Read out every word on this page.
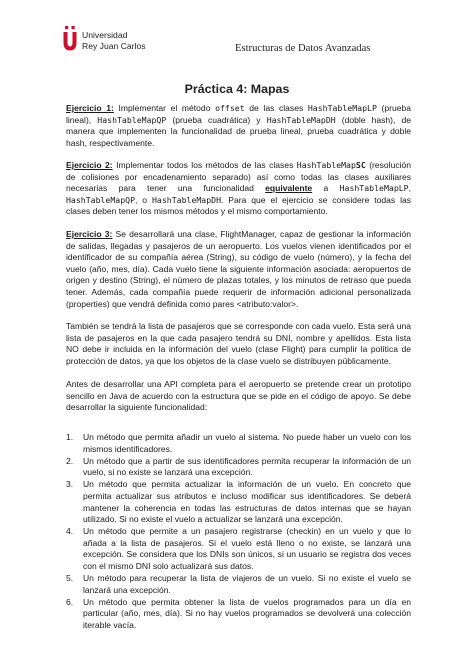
Universidad
Rey Juan Carlos	Estructuras de Datos Avanzadas
Práctica 4: Mapas
Ejercicio 1: Implementar el método offset de las clases HashTableMapLP (prueba lineal), HashTableMapQP (prueba cuadrática) y HashTableMapDH (doble hash), de manera que implementen la funcionalidad de prueba lineal, prueba cuadrática y doble hash, respectivamente.
Ejercicio 2: Implementar todos los métodos de las clases HashTableMapSC (resolución de colisiones por encadenamiento separado) así como todas las clases auxiliares necesarias para tener una funcionalidad equivalente a HashTableMapLP, HashTableMapQP, o HashTableMapDH. Para que el ejercicio se considere todas las clases deben tener los mismos métodos y el mismo comportamiento.
Ejercicio 3: Se desarrollará una clase, FlightManager, capaz de gestionar la información de salidas, llegadas y pasajeros de un aeropuerto. Los vuelos vienen identificados por el identificador de su compañía aérea (String), su código de vuelo (número), y la fecha del vuelo (año, mes, día). Cada vuelo tiene la siguiente información asociada: aeropuertos de origen y destino (String), el número de plazas totales, y los minutos de retraso que pueda tener. Además, cada compañía puede requerir de información adicional personalizada (properties) que vendrá definida como pares <atributo:valor>.
También se tendrá la lista de pasajeros que se corresponde con cada vuelo. Esta será una lista de pasajeros en la que cada pasajero tendrá su DNI, nombre y apellidos. Esta lista NO debe ir incluida en la información del vuelo (clase Flight) para cumplir la política de protección de datos, ya que los objetos de la clase vuelo se distribuyen públicamente.
Antes de desarrollar una API completa para el aeropuerto se pretende crear un prototipo sencillo en Java de acuerdo con la estructura que se pide en el código de apoyo. Se debe desarrollar la siguiente funcionalidad:
1. Un método que permita añadir un vuelo al sistema. No puede haber un vuelo con los mismos identificadores.
2. Un método que a partir de sus identificadores permita recuperar la información de un vuelo, si no existe se lanzará una excepción.
3. Un método que permita actualizar la información de un vuelo. En concreto que permita actualizar sus atributos e incluso modificar sus identificadores. Se deberá mantener la coherencia en todas las estructuras de datos internas que se hayan utilizado. Si no existe el vuelo a actualizar se lanzará una excepción.
4. Un método que permite a un pasajero registrarse (checkin) en un vuelo y que lo añada a la lista de pasajeros. Si el vuelo está lleno o no existe, se lanzará una excepción. Se considera que los DNIs son únicos, si un usuario se registra dos veces con el mismo DNI solo actualizará sus datos.
5. Un método para recuperar la lista de viajeros de un vuelo. Si no existe el vuelo se lanzará una excepción.
6. Un método que permita obtener la lista de vuelos programados para un día en particular (año, mes, día). Si no hay vuelos programados se devolverá una colección iterable vacía.
